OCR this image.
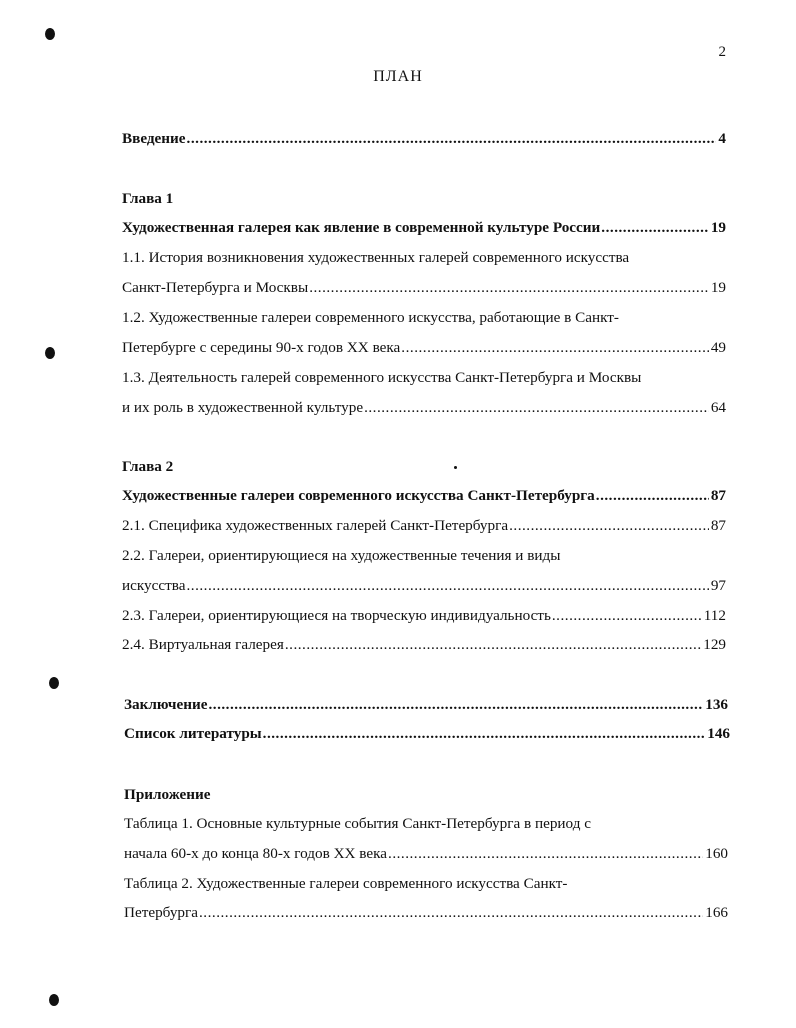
2
ПЛАН
Введение .....	4
Глава 1
Художественная галерея как явление в современной культуре России .....	19
1.1. История возникновения художественных галерей современного искусства
Санкт-Петербурга и Москвы .....	19
1.2. Художественные галереи современного искусства, работающие в Санкт-
Петербурге с середины 90-х годов XX века .....	49
1.3. Деятельность галерей современного искусства Санкт-Петербурга и Москвы
и их роль в художественной культуре .....	64
Глава 2
Художественные галереи современного искусства Санкт-Петербурга .....	87
2.1. Специфика художественных галерей Санкт-Петербурга .....	87
2.2. Галереи, ориентирующиеся на художественные течения и виды
искусства .....	97
2.3. Галереи, ориентирующиеся на творческую индивидуальность .....	112
2.4. Виртуальная галерея .....	129
Заключение .....	136
Список литературы .....	146
Приложение
Таблица 1. Основные культурные события Санкт-Петербурга в период с
начала 60-х до конца 80-х годов XX века .....	160
Таблица 2. Художественные галереи современного искусства Санкт-
Петербурга .....	166
